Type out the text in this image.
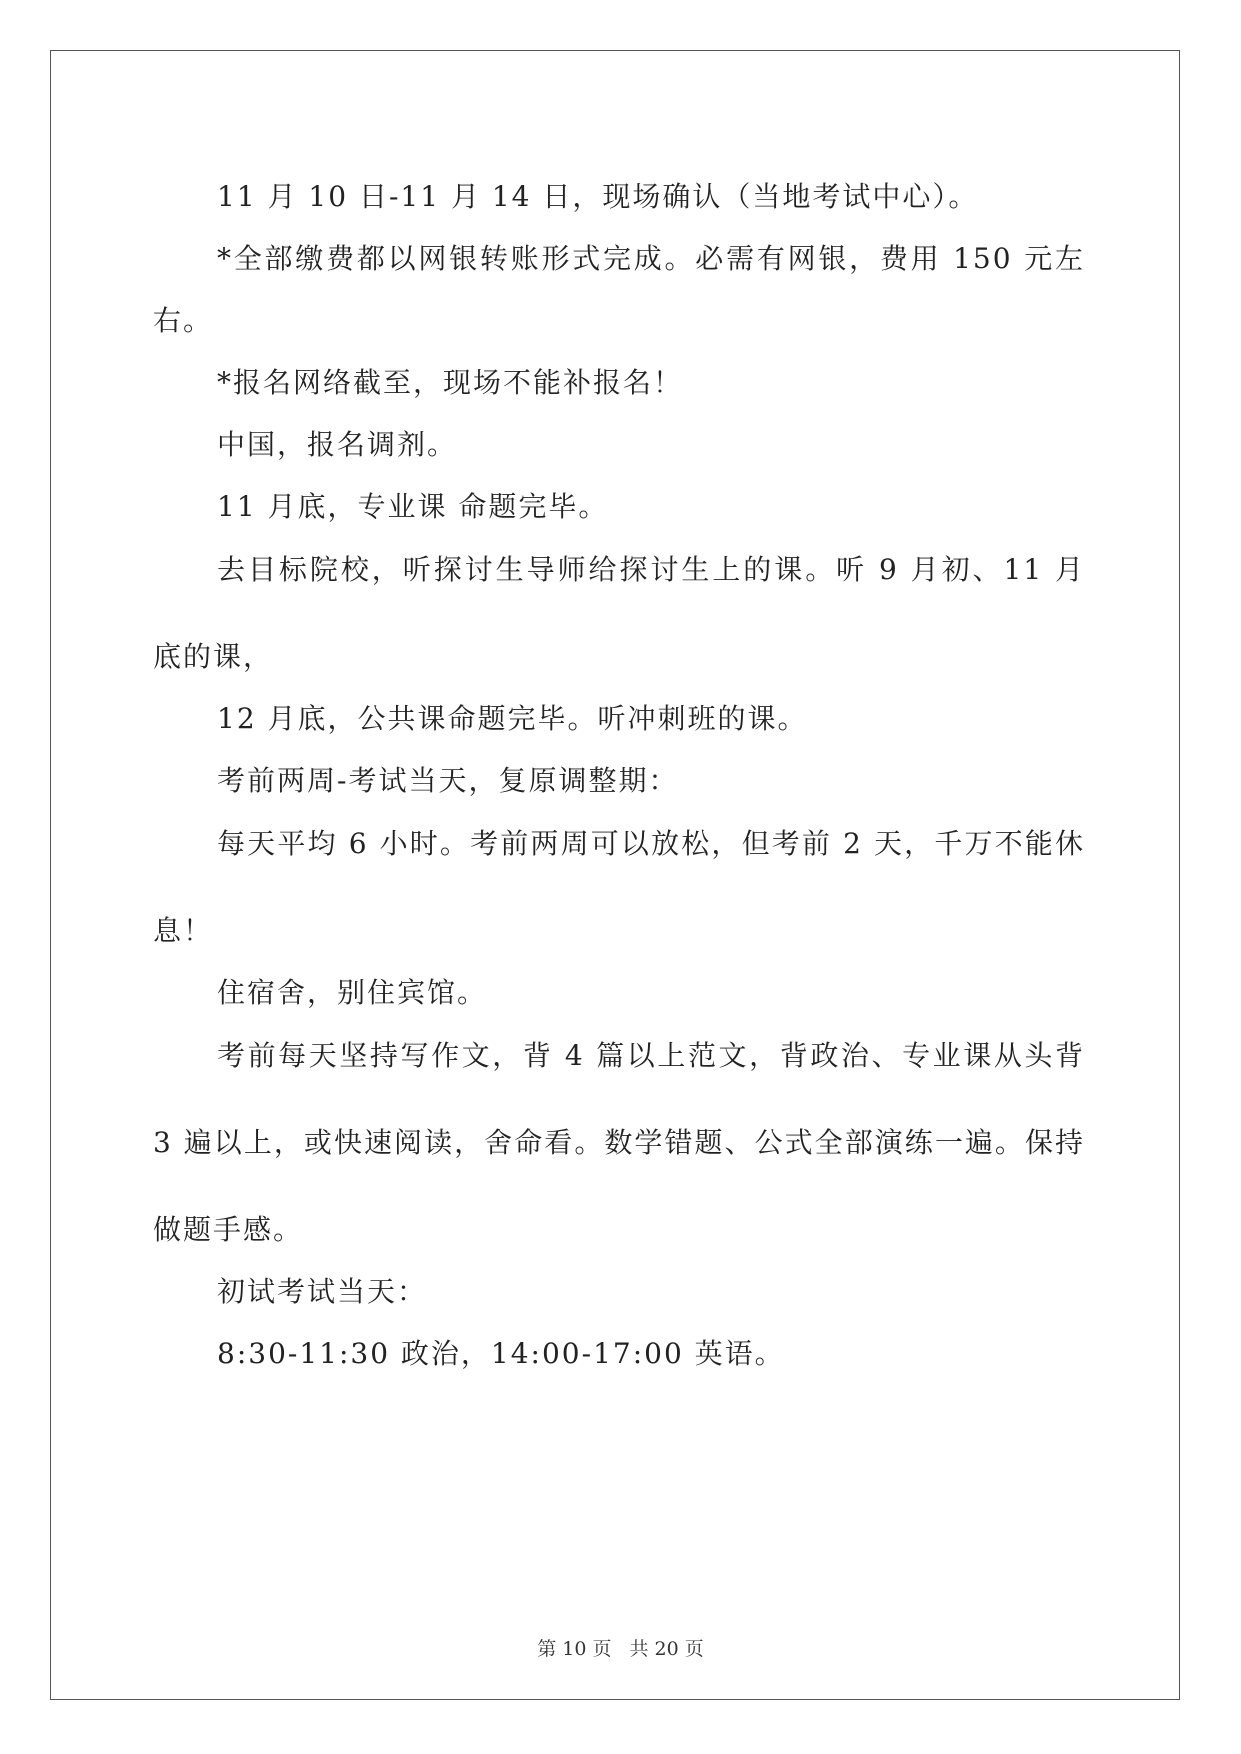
11 月 10 日-11 月 14 日，现场确认（当地考试中心）。

*全部缴费都以网银转账形式完成。必需有网银，费用 150 元左右。

*报名网络截至，现场不能补报名！

中国，报名调剂。

11 月底，专业课 命题完毕。

去目标院校，听探讨生导师给探讨生上的课。听 9 月初、11 月底的课，

12 月底，公共课命题完毕。听冲刺班的课。

考前两周-考试当天，复原调整期：

每天平均 6 小时。考前两周可以放松，但考前 2 天，千万不能休息！

住宿舍，别住宾馆。

考前每天坚持写作文，背 4 篇以上范文，背政治、专业课从头背 3 遍以上，或快速阅读，舍命看。数学错题、公式全部演练一遍。保持做题手感。

初试考试当天：

8:30-11:30 政治，14:00-17:00 英语。

第 10 页 共 20 页
